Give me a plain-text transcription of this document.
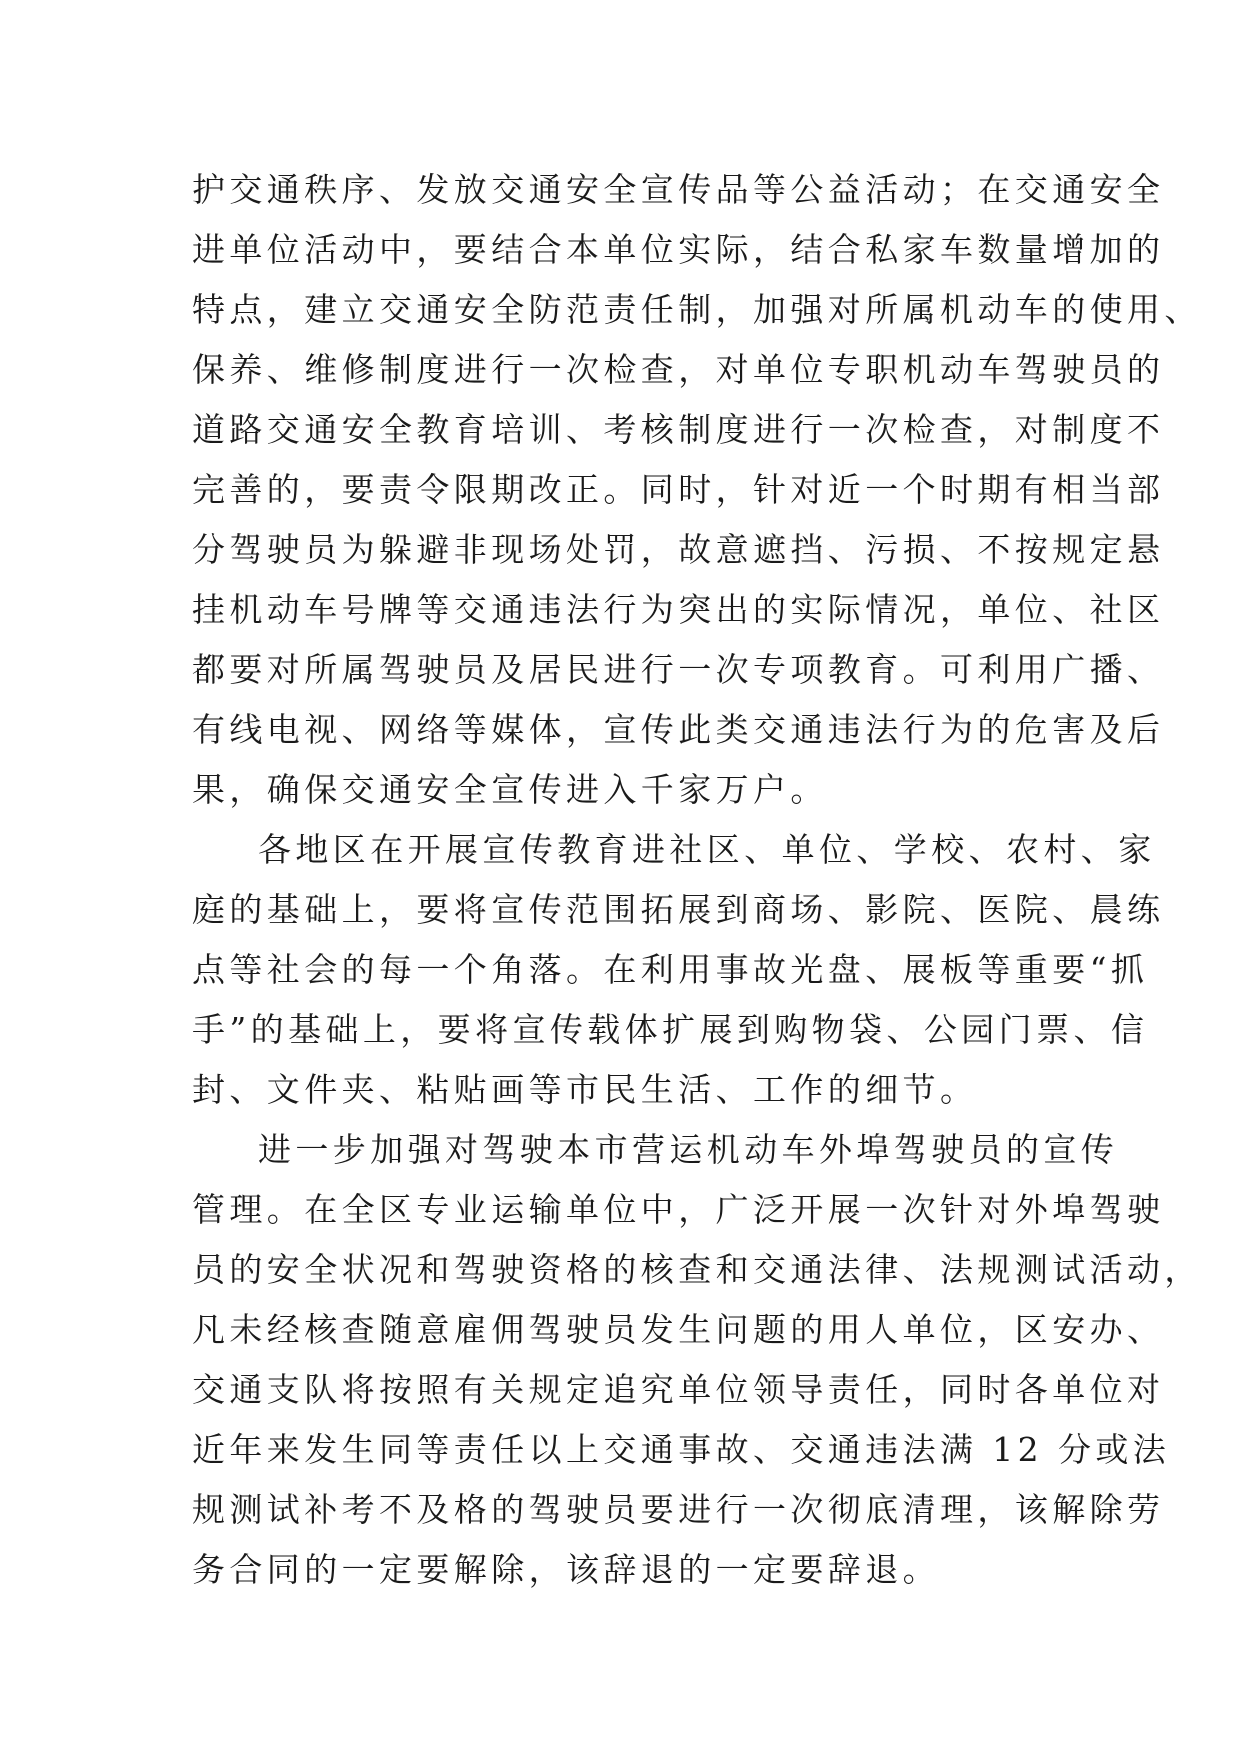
护交通秩序、发放交通安全宣传品等公益活动；在交通安全
进单位活动中，要结合本单位实际，结合私家车数量增加的
特点，建立交通安全防范责任制，加强对所属机动车的使用、
保养、维修制度进行一次检查，对单位专职机动车驾驶员的
道路交通安全教育培训、考核制度进行一次检查，对制度不
完善的，要责令限期改正。同时，针对近一个时期有相当部
分驾驶员为躲避非现场处罚，故意遮挡、污损、不按规定悬
挂机动车号牌等交通违法行为突出的实际情况，单位、社区
都要对所属驾驶员及居民进行一次专项教育。可利用广播、
有线电视、网络等媒体，宣传此类交通违法行为的危害及后
果，确保交通安全宣传进入千家万户。
各地区在开展宣传教育进社区、单位、学校、农村、家
庭的基础上，要将宣传范围拓展到商场、影院、医院、晨练
点等社会的每一个角落。在利用事故光盘、展板等重要“抓
手”的基础上，要将宣传载体扩展到购物袋、公园门票、信
封、文件夹、粘贴画等市民生活、工作的细节。
进一步加强对驾驶本市营运机动车外埠驾驶员的宣传
管理。在全区专业运输单位中，广泛开展一次针对外埠驾驶
员的安全状况和驾驶资格的核查和交通法律、法规测试活动，
凡未经核查随意雇佣驾驶员发生问题的用人单位，区安办、
交通支队将按照有关规定追究单位领导责任，同时各单位对
近年来发生同等责任以上交通事故、交通违法满 12 分或法
规测试补考不及格的驾驶员要进行一次彻底清理，该解除劳
务合同的一定要解除，该辞退的一定要辞退。
